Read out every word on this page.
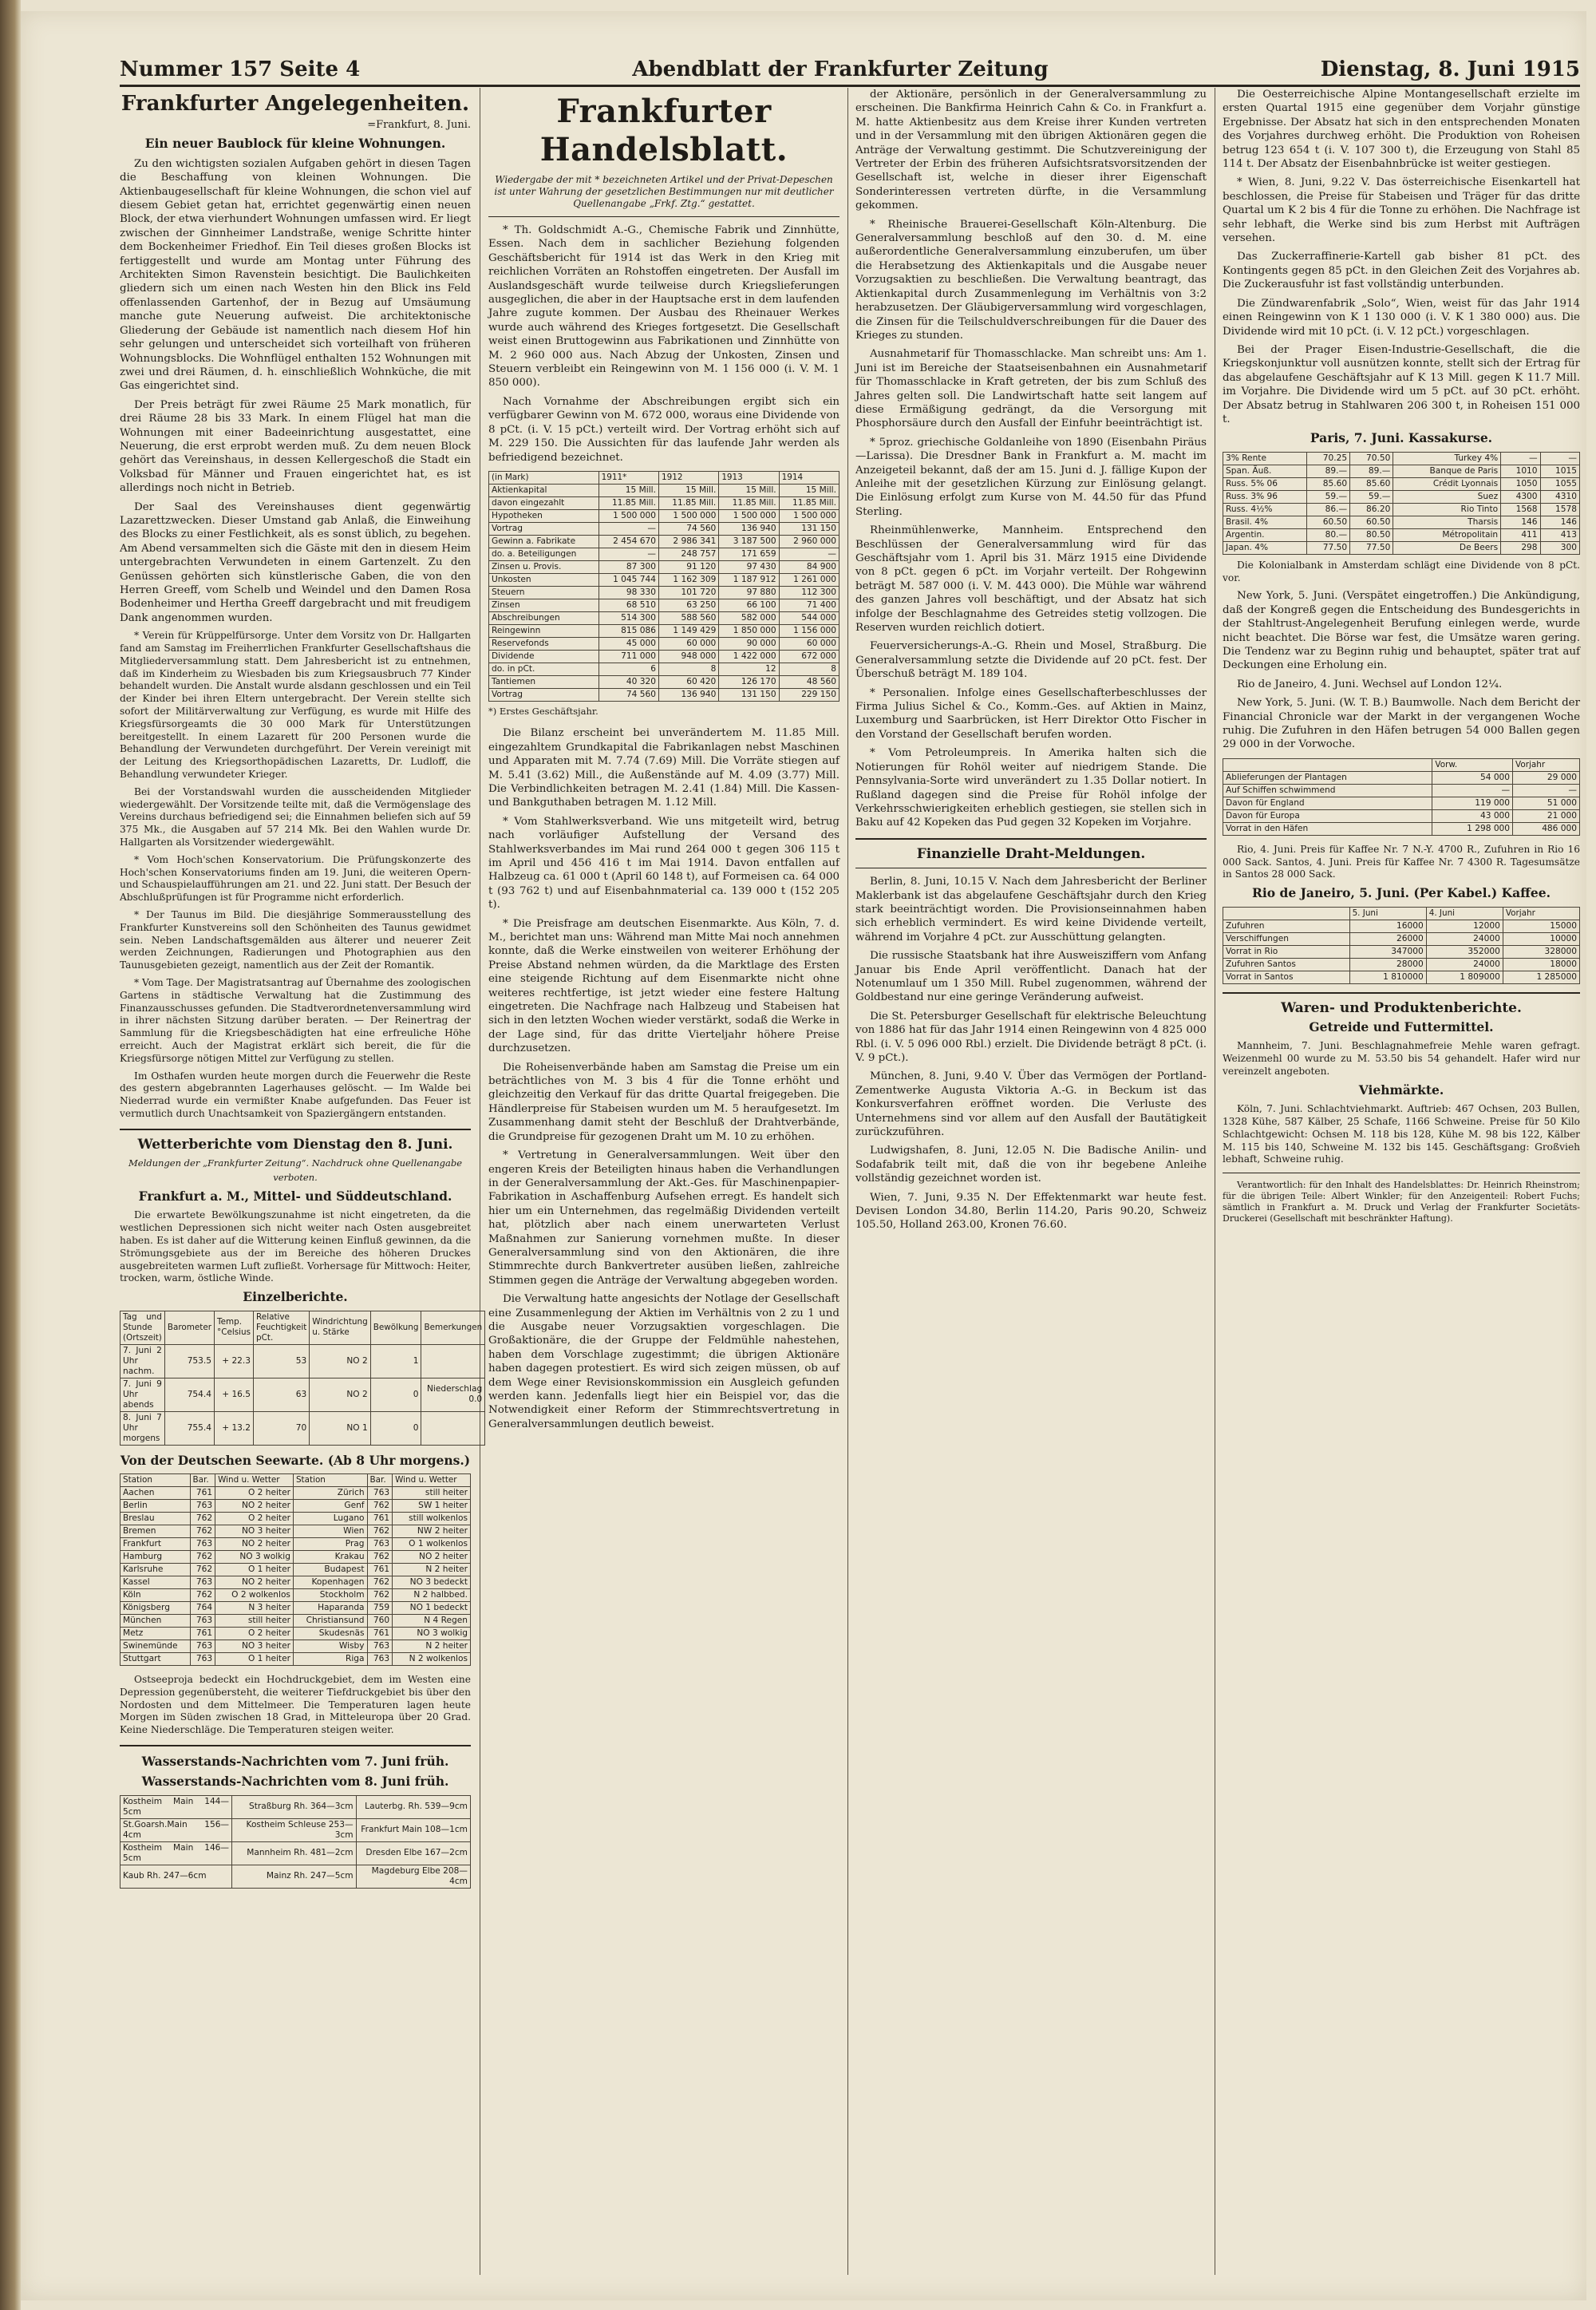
Nummer 157 Seite 4	Abendblatt der Frankfurter Zeitung	Dienstag, 8. Juni 1915
Frankfurter Angelegenheiten.
=Frankfurt, 8. Juni.
Ein neuer Baublock für kleine Wohnungen.

Zu den wichtigsten sozialen Aufgaben gehört in diesen Tagen die Beschaffung von kleinen Wohnungen. Die Aktienbaugesellschaft für kleine Wohnungen, die schon viel auf diesem Gebiet getan hat, errichtet gegenwärtig einen neuen Block, der etwa vierhundert Wohnungen umfassen wird. Er liegt zwischen der Ginnheimer Landstraße, wenige Schritte hinter dem Bockenheimer Friedhof. Ein Teil dieses großen Blocks ist fertiggestellt und wurde am Montag unter Führung des Architekten Simon Ravenstein besichtigt. Die Baulichkeiten gliedern sich um einen nach Westen hin den Blick ins Feld offenlassenden Gartenhof, der in Bezug auf Umsäumung manche gute Neuerung aufweist. Die architektonische Gliederung der Gebäude ist namentlich nach diesem Hof hin sehr gelungen und unterscheidet sich vorteilhaft von früheren Wohnungsblocks. Die Wohnflügel enthalten 152 Wohnungen mit zwei und drei Räumen, d. h. einschließlich Wohnküche, die mit Gas eingerichtet sind.

Der Preis beträgt für zwei Räume 25 Mark monatlich, für drei Räume 28 bis 33 Mark. In einem Flügel hat man die Wohnungen mit einer Badeeinrichtung ausgestattet, eine Neuerung, die erst erprobt werden muß. Zu dem neuen Block gehört das Vereinshaus, in dessen Kellergeschoß die Stadt ein Volksbad für Männer und Frauen eingerichtet hat, es ist allerdings noch nicht in Betrieb.

Der Saal des Vereinshauses dient gegenwärtig Lazarettzwecken. Dieser Umstand gab Anlaß, die Einweihung des Blocks zu einer Festlichkeit, als es sonst üblich, zu begehen. Am Abend versammelten sich die Gäste mit den in diesem Heim untergebrachten Verwundeten in einem Gartenzelt. Zu den Genüssen gehörten sich künstlerische Gaben, die von den Herren Greeff, vom Schelb und Weindel und den Damen Rosa Bodenheimer und Hertha Greeff dargebracht und mit freudigem Dank angenommen wurden.

* Verein für Krüppelfürsorge. Unter dem Vorsitz von Dr. Hallgarten fand am Samstag im Freiherrlichen Frankfurter Gesellschaftshaus die Mitgliederversammlung statt. Dem Jahresbericht ist zu entnehmen, daß im Kinderheim zu Wiesbaden bis zum Kriegsausbruch 77 Kinder behandelt wurden. Die Anstalt wurde alsdann geschlossen und ein Teil der Kinder bei ihren Eltern untergebracht. Der Verein stellte sich sofort der Militärverwaltung zur Verfügung, es wurde mit Hilfe des Kriegsfürsorgeamts die 30 000 Mark für Unterstützungen bereitgestellt. In einem Lazarett für 200 Personen wurde die Behandlung der Verwundeten durchgeführt. Der Verein vereinigt mit der Leitung des Kriegsorthopädischen Lazaretts, Dr. Ludloff, die Behandlung verwundeter Krieger.

Bei der Vorstandswahl wurden die ausscheidenden Mitglieder wiedergewählt. Der Vorsitzende teilte mit, daß die Vermögenslage des Vereins durchaus befriedigend sei; die Einnahmen beliefen sich auf 59 375 Mk., die Ausgaben auf 57 214 Mk. Bei den Wahlen wurde Dr. Hallgarten als Vorsitzender wiedergewählt.

* Vom Hoch'schen Konservatorium. Die Prüfungskonzerte des Hoch'schen Konservatoriums finden am 19. Juni, die weiteren Opern- und Schauspielaufführungen am 21. und 22. Juni statt. Der Besuch der Abschlußprüfungen ist für Programme nicht erforderlich.

* Der Taunus im Bild. Die diesjährige Sommerausstellung des Frankfurter Kunstvereins soll den Schönheiten des Taunus gewidmet sein. Neben Landschaftsgemälden aus älterer und neuerer Zeit werden Zeichnungen, Radierungen und Photographien aus den Taunusgebieten gezeigt, namentlich aus der Zeit der Romantik.

* Vom Tage. Der Magistratsantrag auf Übernahme des zoologischen Gartens in städtische Verwaltung hat die Zustimmung des Finanzausschusses gefunden. Die Stadtverordnetenversammlung wird in ihrer nächsten Sitzung darüber beraten. — Der Reinertrag der Sammlung für die Kriegsbeschädigten hat eine erfreuliche Höhe erreicht. Auch der Magistrat erklärt sich bereit, die für die Kriegsfürsorge nötigen Mittel zur Verfügung zu stellen.

Im Osthafen wurden heute morgen durch die Feuerwehr die Reste des gestern abgebrannten Lagerhauses gelöscht. — Im Walde bei Niederrad wurde ein vermißter Knabe aufgefunden. Das Feuer ist vermutlich durch Unachtsamkeit von Spaziergängern entstanden.

Wetterberichte vom Dienstag den 8. Juni.
Meldungen der „Frankfurter Zeitung“. Nachdruck ohne Quellenangabe verboten.
Frankfurt a. M., Mittel- und Süddeutschland.

Die erwartete Bewölkungszunahme ist nicht eingetreten, da die westlichen Depressionen sich nicht weiter nach Osten ausgebreitet haben. Es ist daher auf die Witterung keinen Einfluß gewinnen, da die Strömungsgebiete aus der im Bereiche des höheren Druckes ausgebreiteten warmen Luft zufließt. Vorhersage für Mittwoch: Heiter, trocken, warm, östliche Winde.

Einzelberichte.
Tag und Stunde (Ortszeit)	Barometer	Temp. °Celsius	Relative Feuchtigkeit pCt.	Windrichtung u. Stärke	Bewölkung	Bemerkungen
7. Juni 2 Uhr nachm.	753.5	+ 22.3	53	NO 2	1	
7. Juni 9 Uhr abends	754.4	+ 16.5	63	NO 2	0	Niederschlag 0.0
8. Juni 7 Uhr morgens	755.4	+ 13.2	70	NO 1	0	
Von der Deutschen Seewarte. (Ab 8 Uhr morgens.)
Station	Bar.	Wind u. Wetter	Station	Bar.	Wind u. Wetter
Aachen	761	O 2 heiter	Zürich	763	still heiter
Berlin	763	NO 2 heiter	Genf	762	SW 1 heiter
Breslau	762	O 2 heiter	Lugano	761	still wolkenlos
Bremen	762	NO 3 heiter	Wien	762	NW 2 heiter
Frankfurt	763	NO 2 heiter	Prag	763	O 1 wolkenlos
Hamburg	762	NO 3 wolkig	Krakau	762	NO 2 heiter
Karlsruhe	762	O 1 heiter	Budapest	761	N 2 heiter
Kassel	763	NO 2 heiter	Kopenhagen	762	NO 3 bedeckt
Köln	762	O 2 wolkenlos	Stockholm	762	N 2 halbbed.
Königsberg	764	N 3 heiter	Haparanda	759	NO 1 bedeckt
München	763	still heiter	Christiansund	760	N 4 Regen
Metz	761	O 2 heiter	Skudesnäs	761	NO 3 wolkig
Swinemünde	763	NO 3 heiter	Wisby	763	N 2 heiter
Stuttgart	763	O 1 heiter	Riga	763	N 2 wolkenlos

Ostseeproja bedeckt ein Hochdruckgebiet, dem im Westen eine Depression gegenübersteht, die weiterer Tiefdruckgebiet bis über den Nordosten und dem Mittelmeer. Die Temperaturen lagen heute Morgen im Süden zwischen 18 Grad, in Mitteleuropa über 20 Grad. Keine Niederschläge. Die Temperaturen steigen weiter.

Wasserstands-Nachrichten vom 7. Juni früh.
Wasserstands-Nachrichten vom 8. Juni früh.
Kostheim Main 144—5cm	Straßburg Rh. 364—3cm	Lauterbg. Rh. 539—9cm
St.Goarsh.Main 156—4cm	Kostheim Schleuse 253—3cm	Frankfurt Main 108—1cm
Kostheim Main 146—5cm	Mannheim Rh. 481—2cm	Dresden Elbe 167—2cm
Kaub Rh. 247—6cm	Mainz Rh. 247—5cm	Magdeburg Elbe 208—4cm
Frankfurter Handelsblatt.
Wiedergabe der mit * bezeichneten Artikel und der Privat-Depeschen ist unter Wahrung der gesetzlichen Bestimmungen nur mit deutlicher Quellenangabe „Frkf. Ztg.“ gestattet.

* Th. Goldschmidt A.-G., Chemische Fabrik und Zinnhütte, Essen. Nach dem in sachlicher Beziehung folgenden Geschäftsbericht für 1914 ist das Werk in den Krieg mit reichlichen Vorräten an Rohstoffen eingetreten. Der Ausfall im Auslandsgeschäft wurde teilweise durch Kriegslieferungen ausgeglichen, die aber in der Hauptsache erst in dem laufenden Jahre zugute kommen. Der Ausbau des Rheinauer Werkes wurde auch während des Krieges fortgesetzt. Die Gesellschaft weist einen Bruttogewinn aus Fabrikationen und Zinnhütte von M. 2 960 000 aus. Nach Abzug der Unkosten, Zinsen und Steuern verbleibt ein Reingewinn von M. 1 156 000 (i. V. M. 1 850 000).

Nach Vornahme der Abschreibungen ergibt sich ein verfügbarer Gewinn von M. 672 000, woraus eine Dividende von 8 pCt. (i. V. 15 pCt.) verteilt wird. Der Vortrag erhöht sich auf M. 229 150. Die Aussichten für das laufende Jahr werden als befriedigend bezeichnet.

(in Mark)	1911*	1912	1913	1914
Aktienkapital	15 Mill.	15 Mill.	15 Mill.	15 Mill.
davon eingezahlt	11.85 Mill.	11.85 Mill.	11.85 Mill.	11.85 Mill.
Hypotheken	1 500 000	1 500 000	1 500 000	1 500 000
Vortrag	—	74 560	136 940	131 150
Gewinn a. Fabrikate	2 454 670	2 986 341	3 187 500	2 960 000
do. a. Beteiligungen	—	248 757	171 659	—
Zinsen u. Provis.	87 300	91 120	97 430	84 900
Unkosten	1 045 744	1 162 309	1 187 912	1 261 000
Steuern	98 330	101 720	97 880	112 300
Zinsen	68 510	63 250	66 100	71 400
Abschreibungen	514 300	588 560	582 000	544 000
Reingewinn	815 086	1 149 429	1 850 000	1 156 000
Reservefonds	45 000	60 000	90 000	60 000
Dividende	711 000	948 000	1 422 000	672 000
do. in pCt.	6	8	12	8
Tantiemen	40 320	60 420	126 170	48 560
Vortrag	74 560	136 940	131 150	229 150
*) Erstes Geschäftsjahr.

Die Bilanz erscheint bei unverändertem M. 11.85 Mill. eingezahltem Grundkapital die Fabrikanlagen nebst Maschinen und Apparaten mit M. 7.74 (7.69) Mill. Die Vorräte stiegen auf M. 5.41 (3.62) Mill., die Außenstände auf M. 4.09 (3.77) Mill. Die Verbindlichkeiten betragen M. 2.41 (1.84) Mill. Die Kassen- und Bankguthaben betragen M. 1.12 Mill.

* Vom Stahlwerksverband. Wie uns mitgeteilt wird, betrug nach vorläufiger Aufstellung der Versand des Stahlwerksverbandes im Mai rund 264 000 t gegen 306 115 t im April und 456 416 t im Mai 1914. Davon entfallen auf Halbzeug ca. 61 000 t (April 60 148 t), auf Formeisen ca. 64 000 t (93 762 t) und auf Eisenbahnmaterial ca. 139 000 t (152 205 t).

* Die Preisfrage am deutschen Eisenmarkte. Aus Köln, 7. d. M., berichtet man uns: Während man Mitte Mai noch annehmen konnte, daß die Werke einstweilen von weiterer Erhöhung der Preise Abstand nehmen würden, da die Marktlage des Ersten eine steigende Richtung auf dem Eisenmarkte nicht ohne weiteres rechtfertige, ist jetzt wieder eine festere Haltung eingetreten. Die Nachfrage nach Halbzeug und Stabeisen hat sich in den letzten Wochen wieder verstärkt, sodaß die Werke in der Lage sind, für das dritte Vierteljahr höhere Preise durchzusetzen.

Die Roheisenverbände haben am Samstag die Preise um ein beträchtliches von M. 3 bis 4 für die Tonne erhöht und gleichzeitig den Verkauf für das dritte Quartal freigegeben. Die Händlerpreise für Stabeisen wurden um M. 5 heraufgesetzt. Im Zusammenhang damit steht der Beschluß der Drahtverbände, die Grundpreise für gezogenen Draht um M. 10 zu erhöhen.

* Vertretung in Generalversammlungen. Weit über den engeren Kreis der Beteiligten hinaus haben die Verhandlungen in der Generalversammlung der Akt.-Ges. für Maschinenpapier-Fabrikation in Aschaffenburg Aufsehen erregt. Es handelt sich hier um ein Unternehmen, das regelmäßig Dividenden verteilt hat, plötzlich aber nach einem unerwarteten Verlust Maßnahmen zur Sanierung vornehmen mußte. In dieser Generalversammlung sind von den Aktionären, die ihre Stimmrechte durch Bankvertreter ausüben ließen, zahlreiche Stimmen gegen die Anträge der Verwaltung abgegeben worden.

Die Verwaltung hatte angesichts der Notlage der Gesellschaft eine Zusammenlegung der Aktien im Verhältnis von 2 zu 1 und die Ausgabe neuer Vorzugsaktien vorgeschlagen. Die Großaktionäre, die der Gruppe der Feldmühle nahestehen, haben dem Vorschlage zugestimmt; die übrigen Aktionäre haben dagegen protestiert. Es wird sich zeigen müssen, ob auf dem Wege einer Revisionskommission ein Ausgleich gefunden werden kann. Jedenfalls liegt hier ein Beispiel vor, das die Notwendigkeit einer Reform der Stimmrechtsvertretung in Generalversammlungen deutlich beweist.

der Aktionäre, persönlich in der Generalversammlung zu erscheinen. Die Bankfirma Heinrich Cahn & Co. in Frankfurt a. M. hatte Aktienbesitz aus dem Kreise ihrer Kunden vertreten und in der Versammlung mit den übrigen Aktionären gegen die Anträge der Verwaltung gestimmt. Die Schutzvereinigung der Vertreter der Erbin des früheren Aufsichtsratsvorsitzenden der Gesellschaft ist, welche in dieser ihrer Eigenschaft Sonderinteressen vertreten dürfte, in die Versammlung gekommen.

* Rheinische Brauerei-Gesellschaft Köln-Altenburg. Die Generalversammlung beschloß auf den 30. d. M. eine außerordentliche Generalversammlung einzuberufen, um über die Herabsetzung des Aktienkapitals und die Ausgabe neuer Vorzugsaktien zu beschließen. Die Verwaltung beantragt, das Aktienkapital durch Zusammenlegung im Verhältnis von 3:2 herabzusetzen. Der Gläubigerversammlung wird vorgeschlagen, die Zinsen für die Teilschuldverschreibungen für die Dauer des Krieges zu stunden.

Ausnahmetarif für Thomasschlacke. Man schreibt uns: Am 1. Juni ist im Bereiche der Staatseisenbahnen ein Ausnahmetarif für Thomasschlacke in Kraft getreten, der bis zum Schluß des Jahres gelten soll. Die Landwirtschaft hatte seit langem auf diese Ermäßigung gedrängt, da die Versorgung mit Phosphorsäure durch den Ausfall der Einfuhr beeinträchtigt ist.

* 5proz. griechische Goldanleihe von 1890 (Eisenbahn Piräus—Larissa). Die Dresdner Bank in Frankfurt a. M. macht im Anzeigeteil bekannt, daß der am 15. Juni d. J. fällige Kupon der Anleihe mit der gesetzlichen Kürzung zur Einlösung gelangt. Die Einlösung erfolgt zum Kurse von M. 44.50 für das Pfund Sterling.

Rheinmühlenwerke, Mannheim. Entsprechend den Beschlüssen der Generalversammlung wird für das Geschäftsjahr vom 1. April bis 31. März 1915 eine Dividende von 8 pCt. gegen 6 pCt. im Vorjahr verteilt. Der Rohgewinn beträgt M. 587 000 (i. V. M. 443 000). Die Mühle war während des ganzen Jahres voll beschäftigt, und der Absatz hat sich infolge der Beschlagnahme des Getreides stetig vollzogen. Die Reserven wurden reichlich dotiert.

Feuerversicherungs-A.-G. Rhein und Mosel, Straßburg. Die Generalversammlung setzte die Dividende auf 20 pCt. fest. Der Überschuß beträgt M. 189 104.

* Personalien. Infolge eines Gesellschafterbeschlusses der Firma Julius Sichel & Co., Komm.-Ges. auf Aktien in Mainz, Luxemburg und Saarbrücken, ist Herr Direktor Otto Fischer in den Vorstand der Gesellschaft berufen worden.

* Vom Petroleumpreis. In Amerika halten sich die Notierungen für Rohöl weiter auf niedrigem Stande. Die Pennsylvania-Sorte wird unverändert zu 1.35 Dollar notiert. In Rußland dagegen sind die Preise für Rohöl infolge der Verkehrsschwierigkeiten erheblich gestiegen, sie stellen sich in Baku auf 42 Kopeken das Pud gegen 32 Kopeken im Vorjahre.

Finanzielle Draht-Meldungen.

Berlin, 8. Juni, 10.15 V. Nach dem Jahresbericht der Berliner Maklerbank ist das abgelaufene Geschäftsjahr durch den Krieg stark beeinträchtigt worden. Die Provisionseinnahmen haben sich erheblich vermindert. Es wird keine Dividende verteilt, während im Vorjahre 4 pCt. zur Ausschüttung gelangten.

Die russische Staatsbank hat ihre Ausweisziffern vom Anfang Januar bis Ende April veröffentlicht. Danach hat der Notenumlauf um 1 350 Mill. Rubel zugenommen, während der Goldbestand nur eine geringe Veränderung aufweist.

Die St. Petersburger Gesellschaft für elektrische Beleuchtung von 1886 hat für das Jahr 1914 einen Reingewinn von 4 825 000 Rbl. (i. V. 5 096 000 Rbl.) erzielt. Die Dividende beträgt 8 pCt. (i. V. 9 pCt.).

München, 8. Juni, 9.40 V. Über das Vermögen der Portland-Zementwerke Augusta Viktoria A.-G. in Beckum ist das Konkursverfahren eröffnet worden. Die Verluste des Unternehmens sind vor allem auf den Ausfall der Bautätigkeit zurückzuführen.

Ludwigshafen, 8. Juni, 12.05 N. Die Badische Anilin- und Sodafabrik teilt mit, daß die von ihr begebene Anleihe vollständig gezeichnet worden ist.

Wien, 7. Juni, 9.35 N. Der Effektenmarkt war heute fest. Devisen London 34.80, Berlin 114.20, Paris 90.20, Schweiz 105.50, Holland 263.00, Kronen 76.60.

Die Oesterreichische Alpine Montangesellschaft erzielte im ersten Quartal 1915 eine gegenüber dem Vorjahr günstige Ergebnisse. Der Absatz hat sich in den entsprechenden Monaten des Vorjahres durchweg erhöht. Die Produktion von Roheisen betrug 123 654 t (i. V. 107 300 t), die Erzeugung von Stahl 85 114 t. Der Absatz der Eisenbahnbrücke ist weiter gestiegen.

* Wien, 8. Juni, 9.22 V. Das österreichische Eisenkartell hat beschlossen, die Preise für Stabeisen und Träger für das dritte Quartal um K 2 bis 4 für die Tonne zu erhöhen. Die Nachfrage ist sehr lebhaft, die Werke sind bis zum Herbst mit Aufträgen versehen.

Das Zuckerraffinerie-Kartell gab bisher 81 pCt. des Kontingents gegen 85 pCt. in den Gleichen Zeit des Vorjahres ab. Die Zuckerausfuhr ist fast vollständig unterbunden.

Die Zündwarenfabrik „Solo“, Wien, weist für das Jahr 1914 einen Reingewinn von K 1 130 000 (i. V. K 1 380 000) aus. Die Dividende wird mit 10 pCt. (i. V. 12 pCt.) vorgeschlagen.

Bei der Prager Eisen-Industrie-Gesellschaft, die die Kriegskonjunktur voll ausnützen konnte, stellt sich der Ertrag für das abgelaufene Geschäftsjahr auf K 13 Mill. gegen K 11.7 Mill. im Vorjahre. Die Dividende wird um 5 pCt. auf 30 pCt. erhöht. Der Absatz betrug in Stahlwaren 206 300 t, in Roheisen 151 000 t.

Paris, 7. Juni. Kassakurse.
3% Rente	70.25	70.50	Turkey 4%	—	—
Span. Äuß.	89.—	89.—	Banque de Paris	1010	1015
Russ. 5% 06	85.60	85.60	Crédit Lyonnais	1050	1055
Russ. 3% 96	59.—	59.—	Suez	4300	4310
Russ. 4½%	86.—	86.20	Rio Tinto	1568	1578
Brasil. 4%	60.50	60.50	Tharsis	146	146
Argentin.	80.—	80.50	Métropolitain	411	413
Japan. 4%	77.50	77.50	De Beers	298	300

Die Kolonialbank in Amsterdam schlägt eine Dividende von 8 pCt. vor.

New York, 5. Juni. (Verspätet eingetroffen.) Die Ankündigung, daß der Kongreß gegen die Entscheidung des Bundesgerichts in der Stahltrust-Angelegenheit Berufung einlegen werde, wurde nicht beachtet. Die Börse war fest, die Umsätze waren gering. Die Tendenz war zu Beginn ruhig und behauptet, später trat auf Deckungen eine Erholung ein.

Rio de Janeiro, 4. Juni. Wechsel auf London 12¼.

New York, 5. Juni. (W. T. B.) Baumwolle. Nach dem Bericht der Financial Chronicle war der Markt in der vergangenen Woche ruhig. Die Zufuhren in den Häfen betrugen 54 000 Ballen gegen 29 000 in der Vorwoche.

	Vorw.	Vorjahr
Ablieferungen der Plantagen	54 000	29 000
Auf Schiffen schwimmend	—	—
Davon für England	119 000	51 000
Davon für Europa	43 000	21 000
Vorrat in den Häfen	1 298 000	486 000

Rio, 4. Juni. Preis für Kaffee Nr. 7 N.-Y. 4700 R., Zufuhren in Rio 16 000 Sack. Santos, 4. Juni. Preis für Kaffee Nr. 7 4300 R. Tagesumsätze in Santos 28 000 Sack.

Rio de Janeiro, 5. Juni. (Per Kabel.) Kaffee.
	5. Juni	4. Juni	Vorjahr
Zufuhren	16000	12000	15000
Verschiffungen	26000	24000	10000
Vorrat in Rio	347000	352000	328000
Zufuhren Santos	28000	24000	18000
Vorrat in Santos	1 810000	1 809000	1 285000
Waren- und Produktenberichte.
Getreide und Futtermittel.

Mannheim, 7. Juni. Beschlagnahmefreie Mehle waren gefragt. Weizenmehl 00 wurde zu M. 53.50 bis 54 gehandelt. Hafer wird nur vereinzelt angeboten.

Viehmärkte.

Köln, 7. Juni. Schlachtviehmarkt. Auftrieb: 467 Ochsen, 203 Bullen, 1328 Kühe, 587 Kälber, 25 Schafe, 1166 Schweine. Preise für 50 Kilo Schlachtgewicht: Ochsen M. 118 bis 128, Kühe M. 98 bis 122, Kälber M. 115 bis 140, Schweine M. 132 bis 145. Geschäftsgang: Großvieh lebhaft, Schweine ruhig.

Verantwortlich: für den Inhalt des Handelsblattes: Dr. Heinrich Rheinstrom; für die übrigen Teile: Albert Winkler; für den Anzeigenteil: Robert Fuchs; sämtlich in Frankfurt a. M. Druck und Verlag der Frankfurter Societäts-Druckerei (Gesellschaft mit beschränkter Haftung).
